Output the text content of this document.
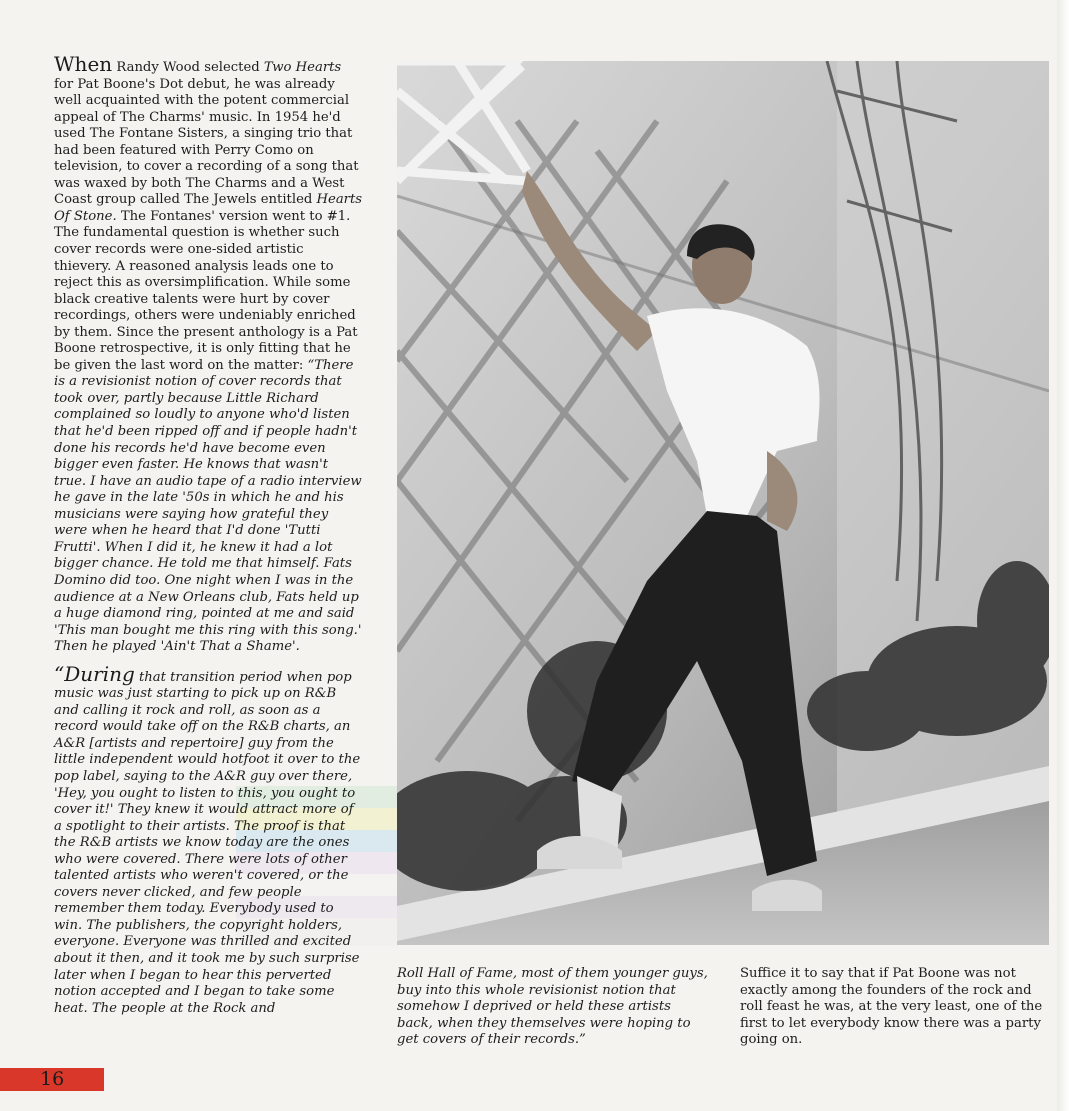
When Randy Wood selected Two Hearts for Pat Boone's Dot debut, he was already well acquainted with the potent commercial appeal of The Charms' music. In 1954 he'd used The Fontane Sisters, a singing trio that had been featured with Perry Como on television, to cover a recording of a song that was waxed by both The Charms and a West Coast group called The Jewels entitled Hearts Of Stone. The Fontanes' version went to #1. The fundamental question is whether such cover records were one-sided artistic thievery. A reasoned analysis leads one to reject this as oversimplification. While some black creative talents were hurt by cover recordings, others were undeniably enriched by them. Since the present anthology is a Pat Boone retrospective, it is only fitting that he be given the last word on the matter: “There is a revisionist notion of cover records that took over, partly because Little Richard complained so loudly to anyone who'd listen that he'd been ripped off and if people hadn't done his records he'd have become even bigger even faster. He knows that wasn't true. I have an audio tape of a radio interview he gave in the late '50s in which he and his musicians were saying how grateful they were when he heard that I'd done 'Tutti Frutti'. When I did it, he knew it had a lot bigger chance. He told me that himself. Fats Domino did too. One night when I was in the audience at a New Orleans club, Fats held up a huge diamond ring, pointed at me and said 'This man bought me this ring with this song.' Then he played 'Ain't That a Shame'.

“During that transition period when pop music was just starting to pick up on R&B and calling it rock and roll, as soon as a record would take off on the R&B charts, an A&R [artists and repertoire] guy from the little independent would hotfoot it over to the pop label, saying to the A&R guy over there, 'Hey, you ought to listen to this, you ought to cover it!' They knew it would attract more of a spotlight to their artists. The proof is that the R&B artists we know today are the ones who were covered. There were lots of other talented artists who weren't covered, or the covers never clicked, and few people remember them today. Everybody used to win. The publishers, the copyright holders, everyone. Everyone was thrilled and excited about it then, and it took me by such surprise later when I began to hear this perverted notion accepted and I began to take some heat. The people at the Rock and

Roll Hall of Fame, most of them younger guys, buy into this whole revisionist notion that somehow I deprived or held these artists back, when they themselves were hoping to get covers of their records.”

Suffice it to say that if Pat Boone was not exactly among the founders of the rock and roll feast he was, at the very least, one of the first to let everybody know there was a party going on.

16
